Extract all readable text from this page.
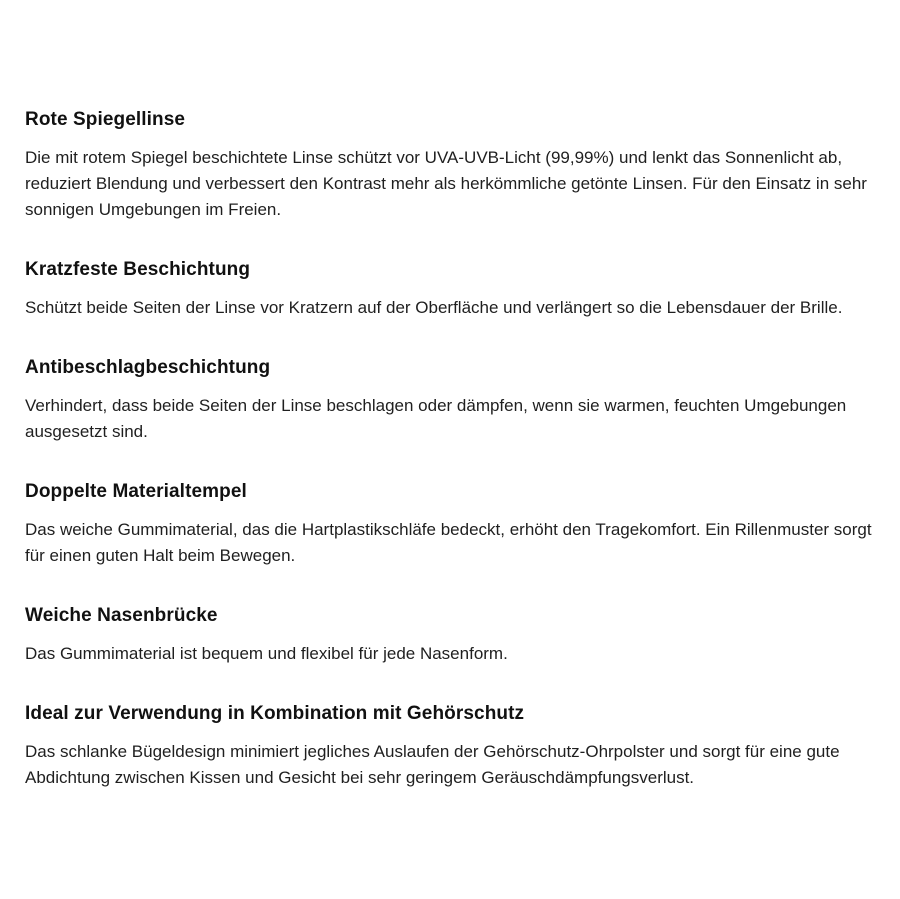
Rote Spiegellinse

Die mit rotem Spiegel beschichtete Linse schützt vor UVA-UVB-Licht (99,99%) und lenkt das Sonnenlicht ab, reduziert Blendung und verbessert den Kontrast mehr als herkömmliche getönte Linsen. Für den Einsatz in sehr sonnigen Umgebungen im Freien.

Kratzfeste Beschichtung

Schützt beide Seiten der Linse vor Kratzern auf der Oberfläche und verlängert so die Lebensdauer der Brille.

Antibeschlagbeschichtung

Verhindert, dass beide Seiten der Linse beschlagen oder dämpfen, wenn sie warmen, feuchten Umgebungen ausgesetzt sind.

Doppelte Materialtempel

Das weiche Gummimaterial, das die Hartplastikschläfe bedeckt, erhöht den Tragekomfort. Ein Rillenmuster sorgt für einen guten Halt beim Bewegen.

Weiche Nasenbrücke

Das Gummimaterial ist bequem und flexibel für jede Nasenform.

Ideal zur Verwendung in Kombination mit Gehörschutz

Das schlanke Bügeldesign minimiert jegliches Auslaufen der Gehörschutz-Ohrpolster und sorgt für eine gute Abdichtung zwischen Kissen und Gesicht bei sehr geringem Geräuschdämpfungsverlust.
